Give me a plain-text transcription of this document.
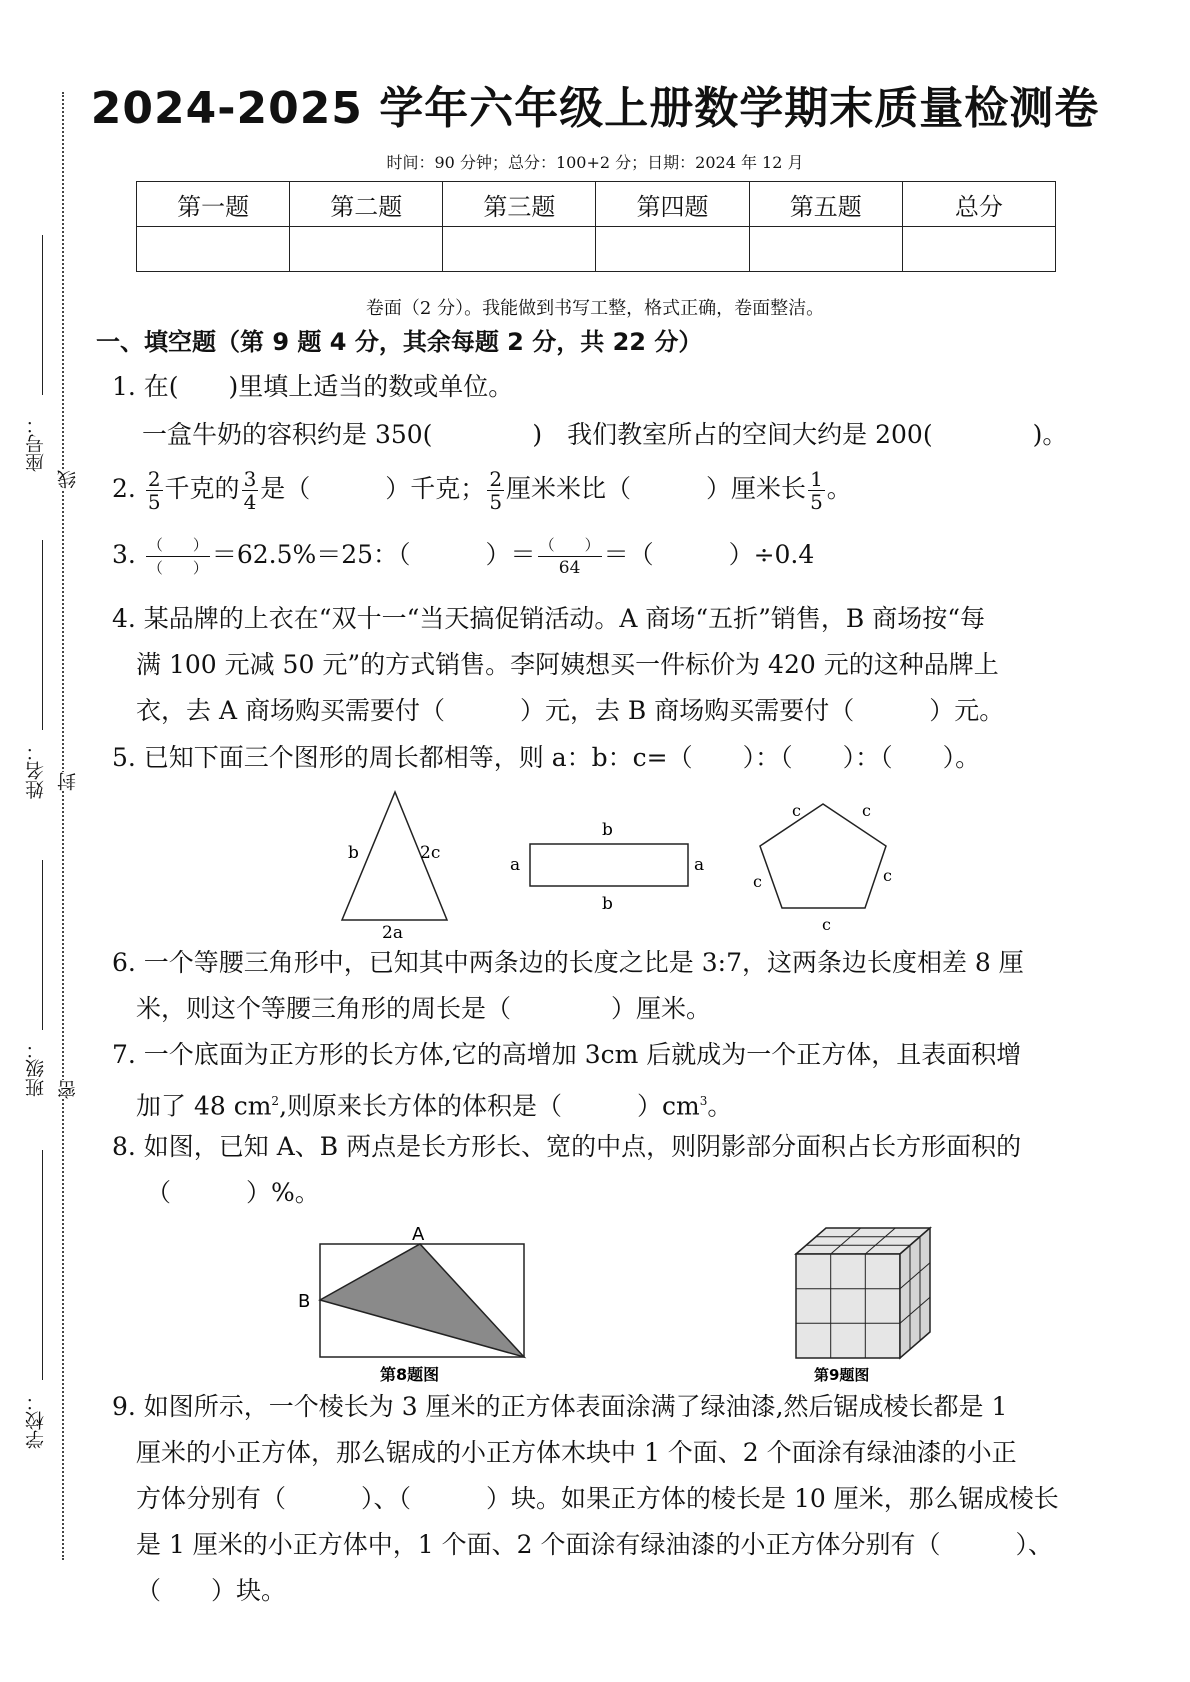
座号：
姓名：
班级：
学校：
线
封
密
2024-2025 学年六年级上册数学期末质量检测卷
时间：90 分钟；总分：100+2 分；日期：2024 年 12 月
第一题	第二题	第三题	第四题	第五题	总分

卷面（2 分）。我能做到书写工整，格式正确，卷面整洁。
一、填空题（第 9 题 4 分，其余每题 2 分，共 22 分）
1. 在(　　)里填上适当的数或单位。
一盒牛奶的容积约是 350(　　　　)　我们教室所占的空间大约是 200(　　　　)。
2. $\frac{2}{5}$ 千克的 $\frac{3}{4}$ 是（　　　）千克； $\frac{2}{5}$ 厘米米比（　　　）厘米长 $\frac{1}{5}$ 。
3. $\frac{( )}{( )} =62.5\%=25$：（　　　）＝ $\frac{( )}{64}$ ＝（　　　）÷0.4
4. 某品牌的上衣在“双十一“当天搞促销活动。A 商场“五折”销售，B 商场按“每
满 100 元减 50 元”的方式销售。李阿姨想买一件标价为 420 元的这种品牌上
衣，去 A 商场购买需要付（　　　）元，去 B 商场购买需要付（　　　）元。
5. 已知下面三个图形的周长都相等，则 a：b：c=（　　）：（　　）：（　　）。
b	2c
2a
b
b
a	a
c	c
c	c
c
6. 一个等腰三角形中，已知其中两条边的长度之比是 3:7，这两条边长度相差 8 厘
米，则这个等腰三角形的周长是（　　　　）厘米。
7. 一个底面为正方形的长方体,它的高增加 3cm 后就成为一个正方体，且表面积增
加了 48 $cm^2$,则原来长方体的体积是（　　　）$cm^3$。
8. 如图，已知 A、B 两点是长方形长、宽的中点，则阴影部分面积占长方形面积的
（　　　）%。
A
B
第8题图	第9题图
9. 如图所示，一个棱长为 3 厘米的正方体表面涂满了绿油漆,然后锯成棱长都是 1
厘米的小正方体，那么锯成的小正方体木块中 1 个面、2 个面涂有绿油漆的小正
方体分别有（　　　）、（　　　）块。如果正方体的棱长是 10 厘米，那么锯成棱长
是 1 厘米的小正方体中，1 个面、2 个面涂有绿油漆的小正方体分别有（　　　）、
（　　）块。
